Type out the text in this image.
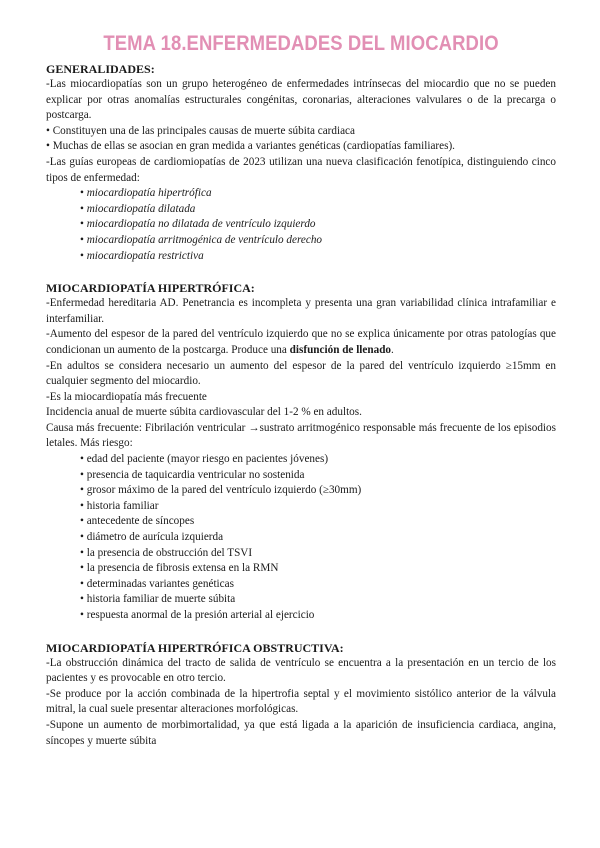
TEMA 18.ENFERMEDADES DEL MIOCARDIO

GENERALIDADES:

-Las miocardiopatías son un grupo heterogéneo de enfermedades intrínsecas del miocardio que no se pueden explicar por otras anomalías estructurales congénitas, coronarias, alteraciones valvulares o de la precarga o postcarga.

• Constituyen una de las principales causas de muerte súbita cardiaca

• Muchas de ellas se asocian en gran medida a variantes genéticas (cardiopatías familiares).

-Las guías europeas de cardiomiopatías de 2023 utilizan una nueva clasificación fenotípica, distinguiendo cinco tipos de enfermedad:

• miocardiopatía hipertrófica
• miocardiopatía dilatada
• miocardiopatía no dilatada de ventrículo izquierdo
• miocardiopatía arritmogénica de ventrículo derecho
• miocardiopatía restrictiva

MIOCARDIOPATÍA HIPERTRÓFICA:

-Enfermedad hereditaria AD. Penetrancia es incompleta y presenta una gran variabilidad clínica intrafamiliar e interfamiliar.

-Aumento del espesor de la pared del ventrículo izquierdo que no se explica únicamente por otras patologías que condicionan un aumento de la postcarga. Produce una disfunción de llenado.

-En adultos se considera necesario un aumento del espesor de la pared del ventrículo izquierdo ≥15mm en cualquier segmento del miocardio.

-Es la miocardiopatía más frecuente

Incidencia anual de muerte súbita cardiovascular del 1-2 % en adultos.

Causa más frecuente: Fibrilación ventricular →sustrato arritmogénico responsable más frecuente de los episodios letales. Más riesgo:

• edad del paciente (mayor riesgo en pacientes jóvenes)
• presencia de taquicardia ventricular no sostenida
• grosor máximo de la pared del ventrículo izquierdo (≥30mm)
• historia familiar
• antecedente de síncopes
• diámetro de aurícula izquierda
• la presencia de obstrucción del TSVI
• la presencia de fibrosis extensa en la RMN
• determinadas variantes genéticas
• historia familiar de muerte súbita
• respuesta anormal de la presión arterial al ejercicio

MIOCARDIOPATÍA HIPERTRÓFICA OBSTRUCTIVA:

-La obstrucción dinámica del tracto de salida de ventrículo se encuentra a la presentación en un tercio de los pacientes y es provocable en otro tercio.

-Se produce por la acción combinada de la hipertrofia septal y el movimiento sistólico anterior de la válvula mitral, la cual suele presentar alteraciones morfológicas.

-Supone un aumento de morbimortalidad, ya que está ligada a la aparición de insuficiencia cardiaca, angina, síncopes y muerte súbita
